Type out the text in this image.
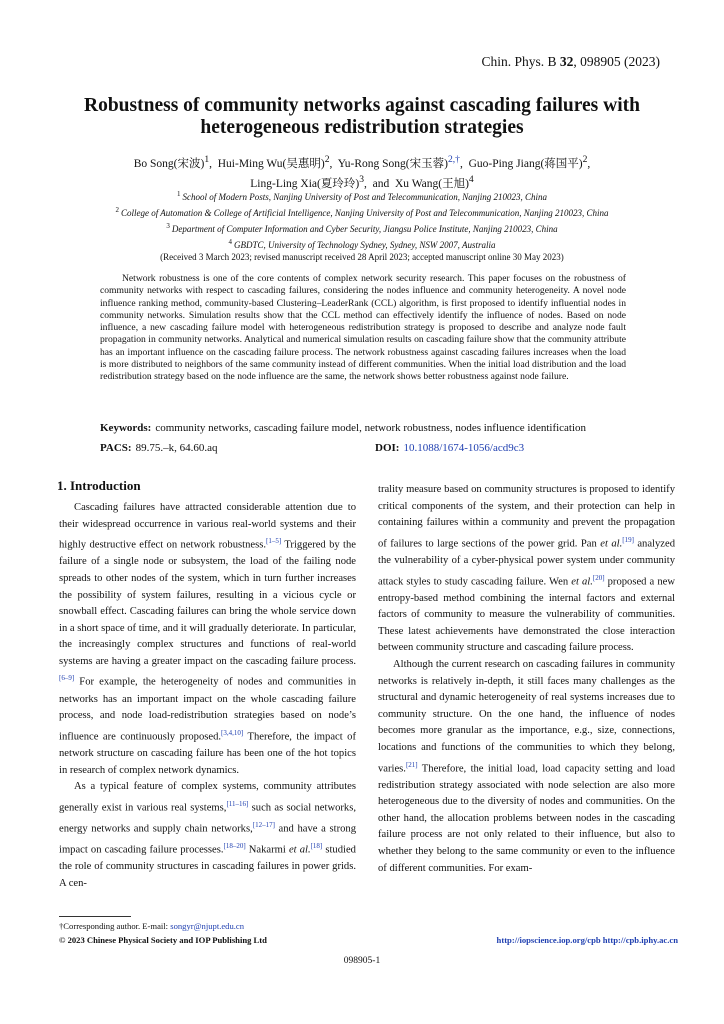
Chin. Phys. B 32, 098905 (2023)
Robustness of community networks against cascading failures with
heterogeneous redistribution strategies
Bo Song(宋波)$^1$,  Hui-Ming Wu(吴惠明)$^2$,  Yu-Rong Song(宋玉蓉)$^{2,\dagger}$,  Guo-Ping Jiang(蒋国平)$^2$,
Ling-Ling Xia(夏玲玲)$^3$,  and  Xu Wang(王旭)$^4$
$^1$ School of Modern Posts, Nanjing University of Post and Telecommunication, Nanjing 210023, China
$^2$ College of Automation & College of Artificial Intelligence, Nanjing University of Post and Telecommunication, Nanjing 210023, China
$^3$ Department of Computer Information and Cyber Security, Jiangsu Police Institute, Nanjing 210023, China
$^4$ GBDTC, University of Technology Sydney, Sydney, NSW 2007, Australia
(Received 3 March 2023; revised manuscript received 28 April 2023; accepted manuscript online 30 May 2023)
Network robustness is one of the core contents of complex network security research. This paper focuses on the robustness of community networks with respect to cascading failures, considering the nodes influence and community heterogeneity. A novel node influence ranking method, community-based Clustering–LeaderRank (CCL) algorithm, is first proposed to identify influential nodes in community networks. Simulation results show that the CCL method can effectively identify the influence of nodes. Based on node influence, a new cascading failure model with heterogeneous redistribution strategy is proposed to describe and analyze node fault propagation in community networks. Analytical and numerical simulation results on cascading failure show that the community attribute has an important influence on the cascading failure process. The network robustness against cascading failures increases when the load is more distributed to neighbors of the same community instead of different communities. When the initial load distribution and the load redistribution strategy based on the node influence are the same, the network shows better robustness against node failure.
Keywords: community networks, cascading failure model, network robustness, nodes influence identification
PACS: 89.75.–k, 64.60.aq	DOI: 10.1088/1674-1056/acd9c3
1. Introduction

Cascading failures have attracted considerable attention due to their widespread occurrence in various real-world systems and their highly destructive effect on network robustness.[1–5] Triggered by the failure of a single node or subsystem, the load of the failing node spreads to other nodes of the system, which in turn further increases the possibility of system failures, resulting in a vicious cycle or snowball effect. Cascading failures can bring the whole service down in a short space of time, and it will gradually deteriorate. In particular, the increasingly complex structures and functions of real-world systems are having a greater impact on the cascading failure process.[6–9] For example, the heterogeneity of nodes and communities in networks has an important impact on the whole cascading failure process, and node load-redistribution strategies based on node’s influence are continuously proposed.[3,4,10] Therefore, the impact of network structure on cascading failure has been one of the hot topics in research of complex network dynamics.

As a typical feature of complex systems, community attributes generally exist in various real systems,[11–16] such as social networks, energy networks and supply chain networks,[12–17] and have a strong impact on cascading failure processes.[18–20] Nakarmi et al.[18] studied the role of community structures in cascading failures in power grids. A cen-

trality measure based on community structures is proposed to identify critical components of the system, and their protection can help in containing failures within a community and prevent the propagation of failures to large sections of the power grid. Pan et al.[19] analyzed the vulnerability of a cyber-physical power system under community attack styles to study cascading failure. Wen et al.[20] proposed a new entropy-based method combining the internal factors and external factors of community to measure the vulnerability of communities. These latest achievements have demonstrated the close interaction between community structure and cascading failure process.

Although the current research on cascading failures in community networks is relatively in-depth, it still faces many challenges as the structural and dynamic heterogeneity of real systems increases due to community structure. On the one hand, the influence of nodes becomes more granular as the importance, e.g., size, connections, locations and functions of the communities to which they belong, varies.[21] Therefore, the initial load, load capacity setting and load redistribution strategy associated with node selection are also more heterogeneous due to the diversity of nodes and communities. On the other hand, the allocation problems between nodes in the cascading failure process are not only related to their influence, but also to whether they belong to the same community or even to the influence of different communities. For exam-

†Corresponding author. E-mail: songyr@njupt.edu.cn
© 2023 Chinese Physical Society and IOP Publishing Ltd	http://iopscience.iop.org/cpb http://cpb.iphy.ac.cn
098905-1
